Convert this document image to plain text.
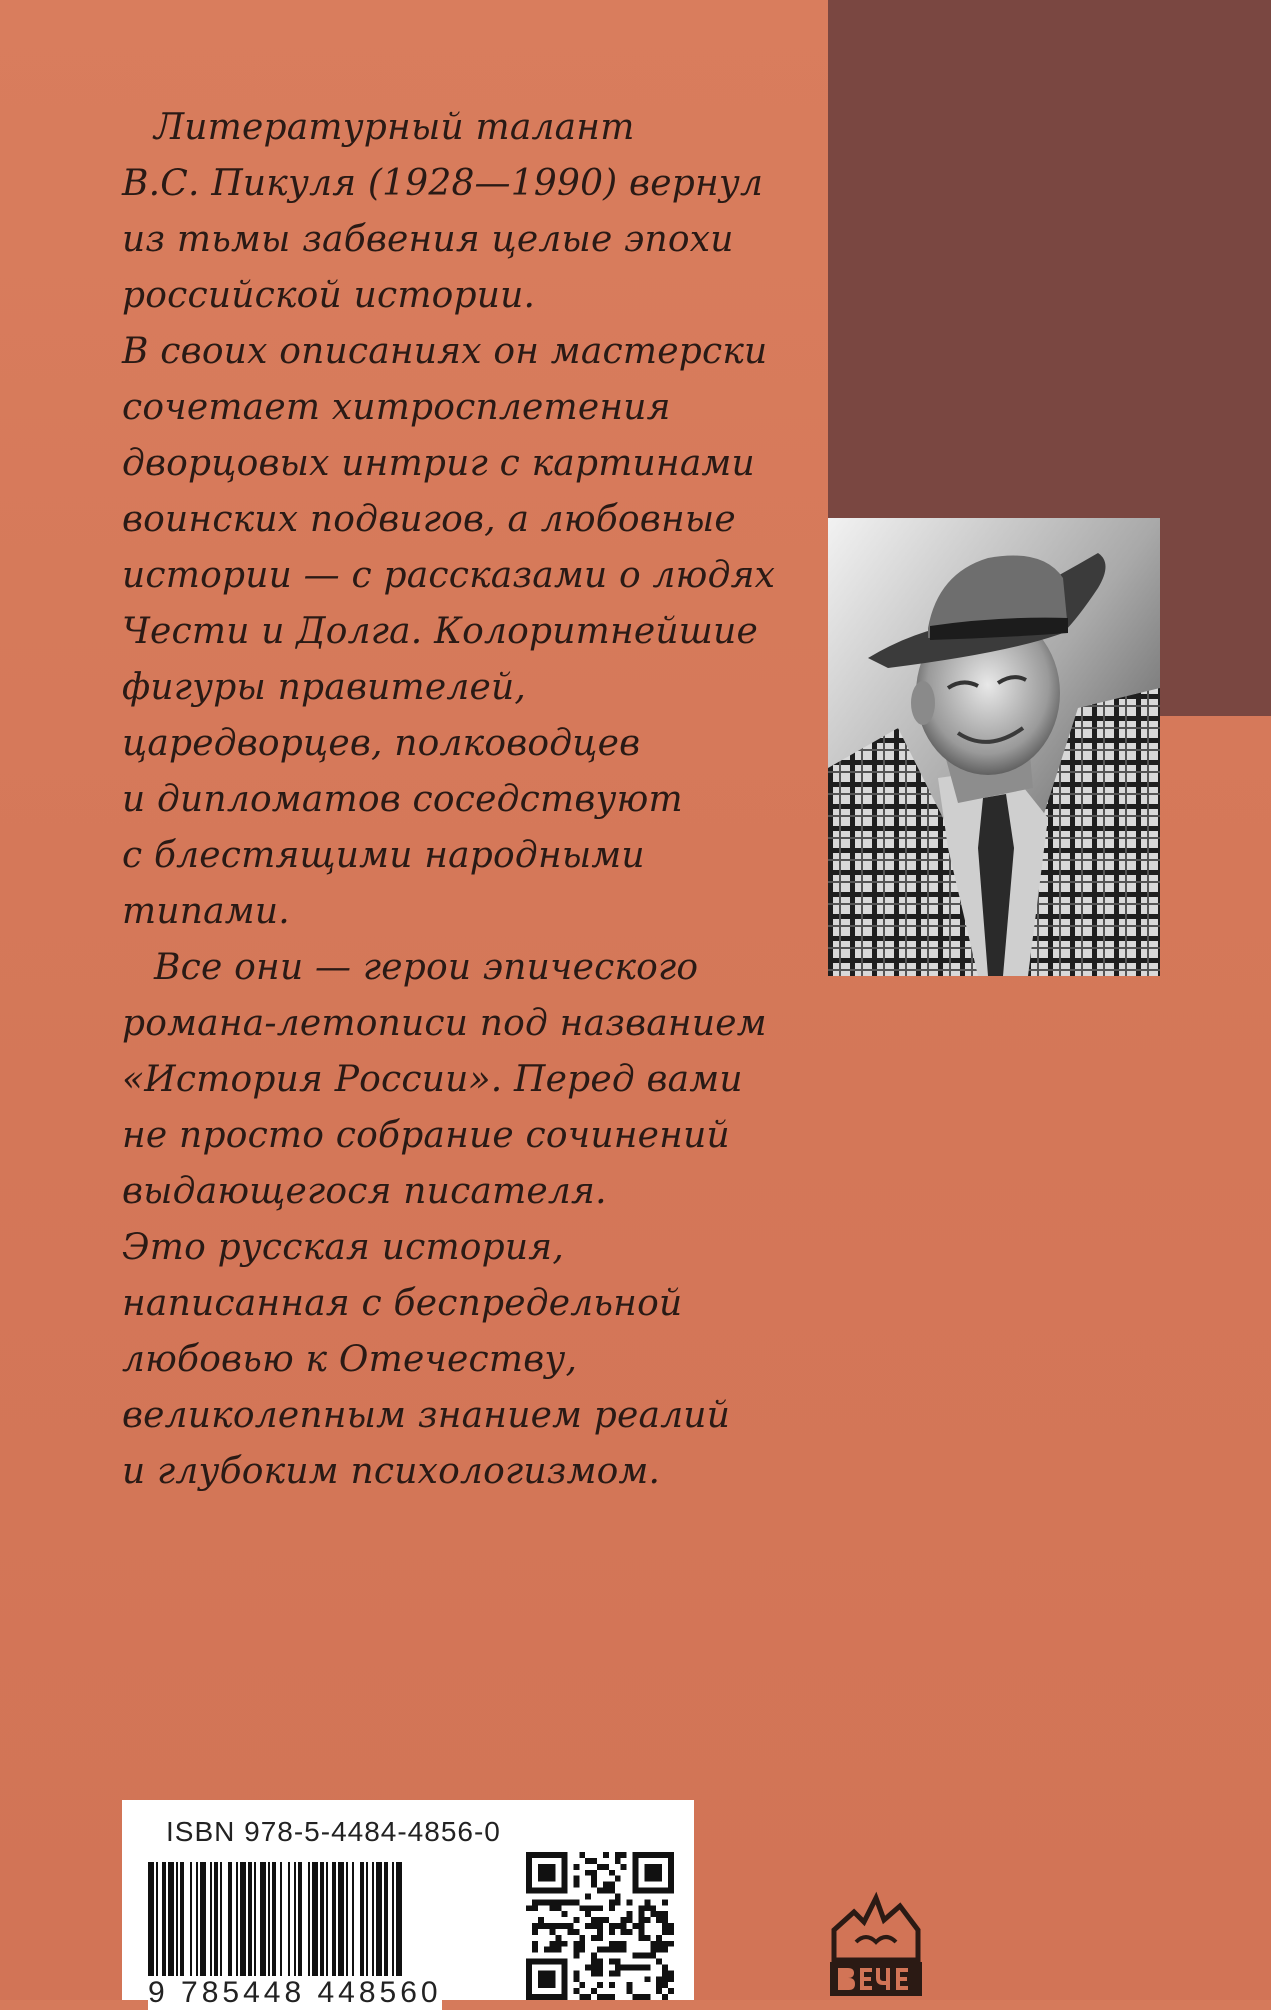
Литературный талант
В.С. Пикуля (1928—1990) вернул
из тьмы забвения целые эпохи
российской истории.
В своих описаниях он мастерски
сочетает хитросплетения
дворцовых интриг с картинами
воинских подвигов, а любовные
истории — с рассказами о людях
Чести и Долга. Колоритнейшие
фигуры правителей,
царедворцев, полководцев
и дипломатов соседствуют
с блестящими народными
типами.
Все они — герои эпического
романа-летописи под названием
«История России». Перед вами
не просто собрание сочинений
выдающегося писателя.
Это русская история,
написанная с беспредельной
любовью к Отечеству,
великолепным знанием реалий
и глубоким психологизмом.
ISBN 978-5-4484-4856-0
9 785448 448560
